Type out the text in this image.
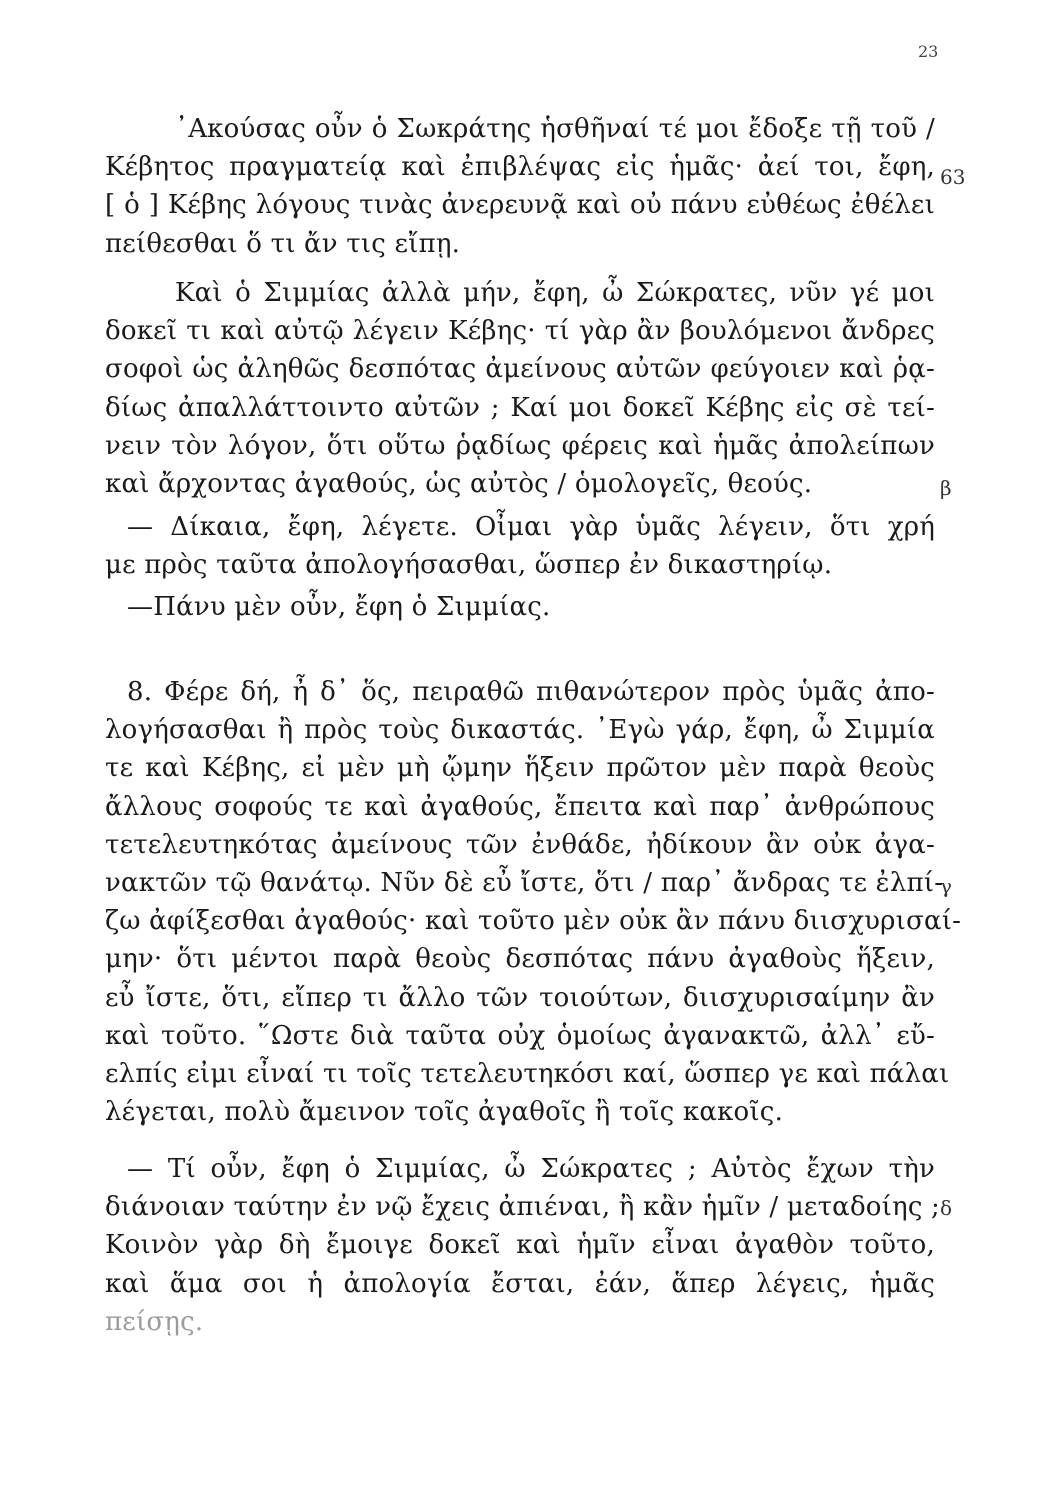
23
63
β
γ
δ
᾿Ακούσας οὖν ὁ Σωκράτης ἡσθῆναί τέ μοι ἔδοξε τῇ τοῦ /
Κέβητος πραγματείᾳ καὶ ἐπιβλέψας εἰς ἡμᾶς· ἀεί τοι, ἔφη,
[ ὁ ] Κέβης λόγους τινὰς ἀνερευνᾷ καὶ οὐ πάνυ εὐθέως ἐθέλει
πείθεσθαι ὅ τι ἄν τις εἴπῃ.
Καὶ ὁ Σιμμίας ἀλλὰ μήν, ἔφη, ὦ Σώκρατες, νῦν γέ μοι
δοκεῖ τι καὶ αὐτῷ λέγειν Κέβης· τί γὰρ ἂν βουλόμενοι ἄνδρες
σοφοὶ ὡς ἀληθῶς δεσπότας ἀμείνους αὐτῶν φεύγοιεν καὶ ῥᾳ-
δίως ἀπαλλάττοιντο αὐτῶν ; Καί μοι δοκεῖ Κέβης εἰς σὲ τεί-
νειν τὸν λόγον, ὅτι οὕτω ῥᾳδίως φέρεις καὶ ἡμᾶς ἀπολείπων
καὶ ἄρχοντας ἀγαθούς, ὡς αὐτὸς / ὁμολογεῖς, θεούς.
— Δίκαια, ἔφη, λέγετε. Οἶμαι γὰρ ὑμᾶς λέγειν, ὅτι χρή
με πρὸς ταῦτα ἀπολογήσασθαι, ὥσπερ ἐν δικαστηρίῳ.
—Πάνυ μὲν οὖν, ἔφη ὁ Σιμμίας.
8. Φέρε δή, ἦ δ᾿ ὅς, πειραθῶ πιθανώτερον πρὸς ὑμᾶς ἀπο-
λογήσασθαι ἢ πρὸς τοὺς δικαστάς. ᾿Εγὼ γάρ, ἔφη, ὦ Σιμμία
τε καὶ Κέβης, εἰ μὲν μὴ ᾤμην ἥξειν πρῶτον μὲν παρὰ θεοὺς
ἄλλους σοφούς τε καὶ ἀγαθούς, ἔπειτα καὶ παρ᾿ ἀνθρώπους
τετελευτηκότας ἀμείνους τῶν ἐνθάδε, ἠδίκουν ἂν οὐκ ἀγα-
νακτῶν τῷ θανάτῳ. Νῦν δὲ εὖ ἴστε, ὅτι / παρ᾿ ἄνδρας τε ἐλπί-
ζω ἀφίξεσθαι ἀγαθούς· καὶ τοῦτο μὲν οὐκ ἂν πάνυ διισχυρισαί-
μην· ὅτι μέντοι παρὰ θεοὺς δεσπότας πάνυ ἀγαθοὺς ἥξειν,
εὖ ἴστε, ὅτι, εἴπερ τι ἄλλο τῶν τοιούτων, διισχυρισαίμην ἂν
καὶ τοῦτο. ῞Ωστε διὰ ταῦτα οὐχ ὁμοίως ἀγανακτῶ, ἀλλ᾿ εὔ-
ελπίς εἰμι εἶναί τι τοῖς τετελευτηκόσι καί, ὥσπερ γε καὶ πάλαι
λέγεται, πολὺ ἄμεινον τοῖς ἀγαθοῖς ἢ τοῖς κακοῖς.
— Τί οὖν, ἔφη ὁ Σιμμίας, ὦ Σώκρατες ; Αὐτὸς ἔχων τὴν
διάνοιαν ταύτην ἐν νῷ ἔχεις ἀπιέναι, ἢ κἂν ἡμῖν / μεταδοίης ;
Κοινὸν γὰρ δὴ ἔμοιγε δοκεῖ καὶ ἡμῖν εἶναι ἀγαθὸν τοῦτο,
καὶ ἅμα σοι ἡ ἀπολογία ἔσται, ἐάν, ἅπερ λέγεις, ἡμᾶς
πείσῃς.
